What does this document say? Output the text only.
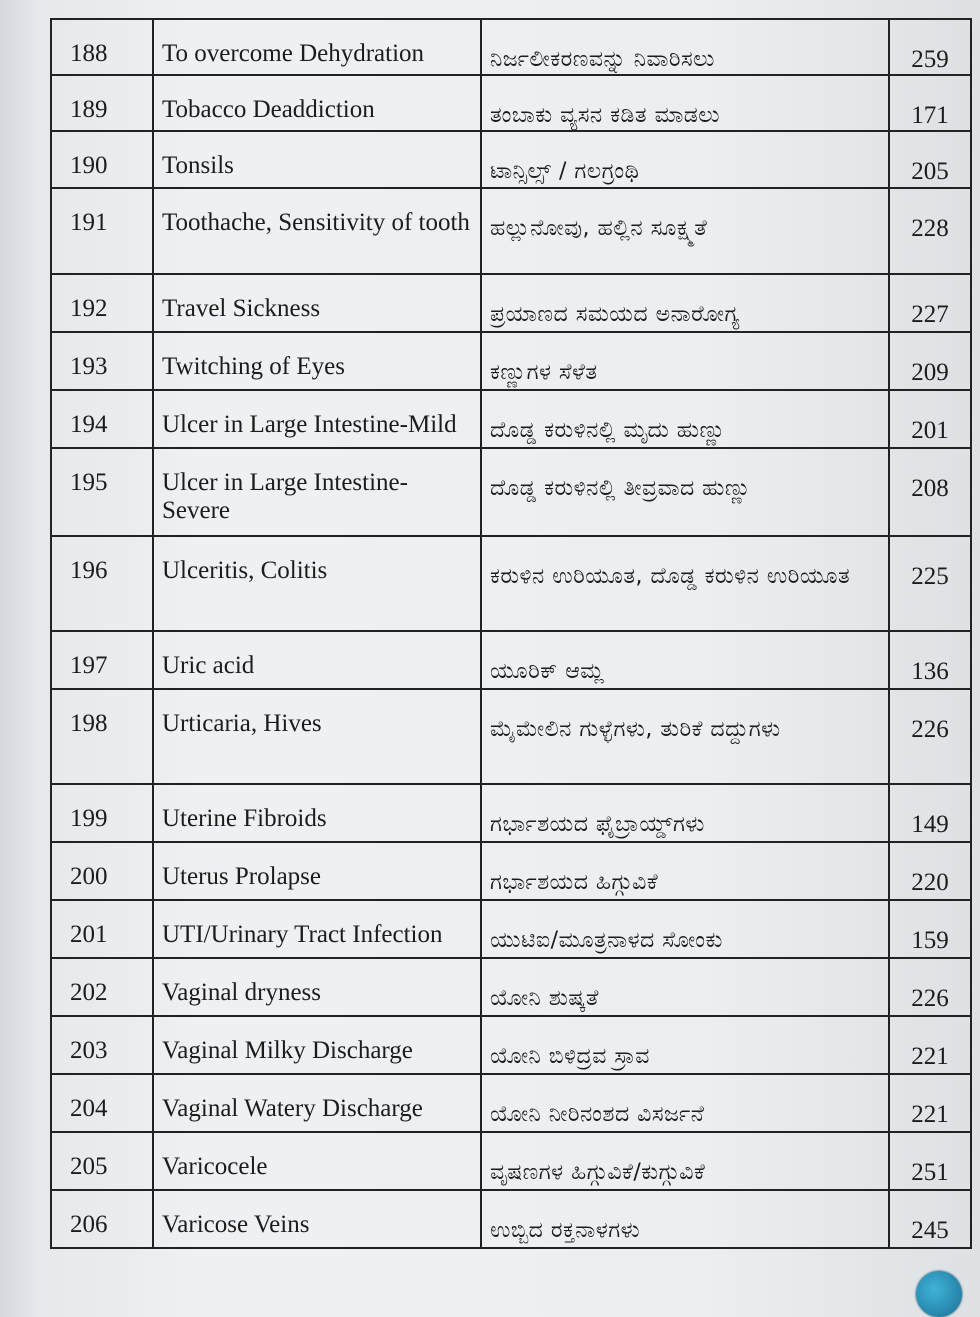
188	To overcome Dehydration	ನಿರ್ಜಲೀಕರಣವನ್ನು ನಿವಾರಿಸಲು	259
189	Tobacco Deaddiction	ತಂಬಾಕು ವ್ಯಸನ ಕಡಿತ ಮಾಡಲು	171
190	Tonsils	ಟಾನ್ಸಿಲ್ಸ್ / ಗಲಗ್ರಂಥಿ	205
191	Toothache, Sensitivity of tooth	ಹಲ್ಲುನೋವು, ಹಲ್ಲಿನ ಸೂಕ್ಷ್ಮತೆ	228
192	Travel Sickness	ಪ್ರಯಾಣದ ಸಮಯದ ಅನಾರೋಗ್ಯ	227
193	Twitching of Eyes	ಕಣ್ಣುಗಳ ಸೆಳೆತ	209
194	Ulcer in Large Intestine-Mild	ದೊಡ್ಡ ಕರುಳಿನಲ್ಲಿ ಮೃದು ಹುಣ್ಣು	201
195	Ulcer in Large Intestine-Severe	ದೊಡ್ಡ ಕರುಳಿನಲ್ಲಿ ತೀವ್ರವಾದ ಹುಣ್ಣು	208
196	Ulceritis, Colitis	ಕರುಳಿನ ಉರಿಯೂತ, ದೊಡ್ಡ ಕರುಳಿನ ಉರಿಯೂತ	225
197	Uric acid	ಯೂರಿಕ್ ಆಮ್ಲ	136
198	Urticaria, Hives	ಮೈಮೇಲಿನ ಗುಳ್ಳೆಗಳು, ತುರಿಕೆ ದದ್ದುಗಳು	226
199	Uterine Fibroids	ಗರ್ಭಾಶಯದ ಫೈಬ್ರಾಯ್ಡ್‌ಗಳು	149
200	Uterus Prolapse	ಗರ್ಭಾಶಯದ ಹಿಗ್ಗುವಿಕೆ	220
201	UTI/Urinary Tract Infection	ಯುಟಿಐ/ಮೂತ್ರನಾಳದ ಸೋಂಕು	159
202	Vaginal dryness	ಯೋನಿ ಶುಷ್ಕತೆ	226
203	Vaginal Milky Discharge	ಯೋನಿ ಬಿಳಿದ್ರವ ಸ್ರಾವ	221
204	Vaginal Watery Discharge	ಯೋನಿ ನೀರಿನಂಶದ ವಿಸರ್ಜನೆ	221
205	Varicocele	ವೃಷಣಗಳ ಹಿಗ್ಗುವಿಕೆ/ಕುಗ್ಗುವಿಕೆ	251
206	Varicose Veins	ಉಬ್ಬಿದ ರಕ್ತನಾಳಗಳು	245
